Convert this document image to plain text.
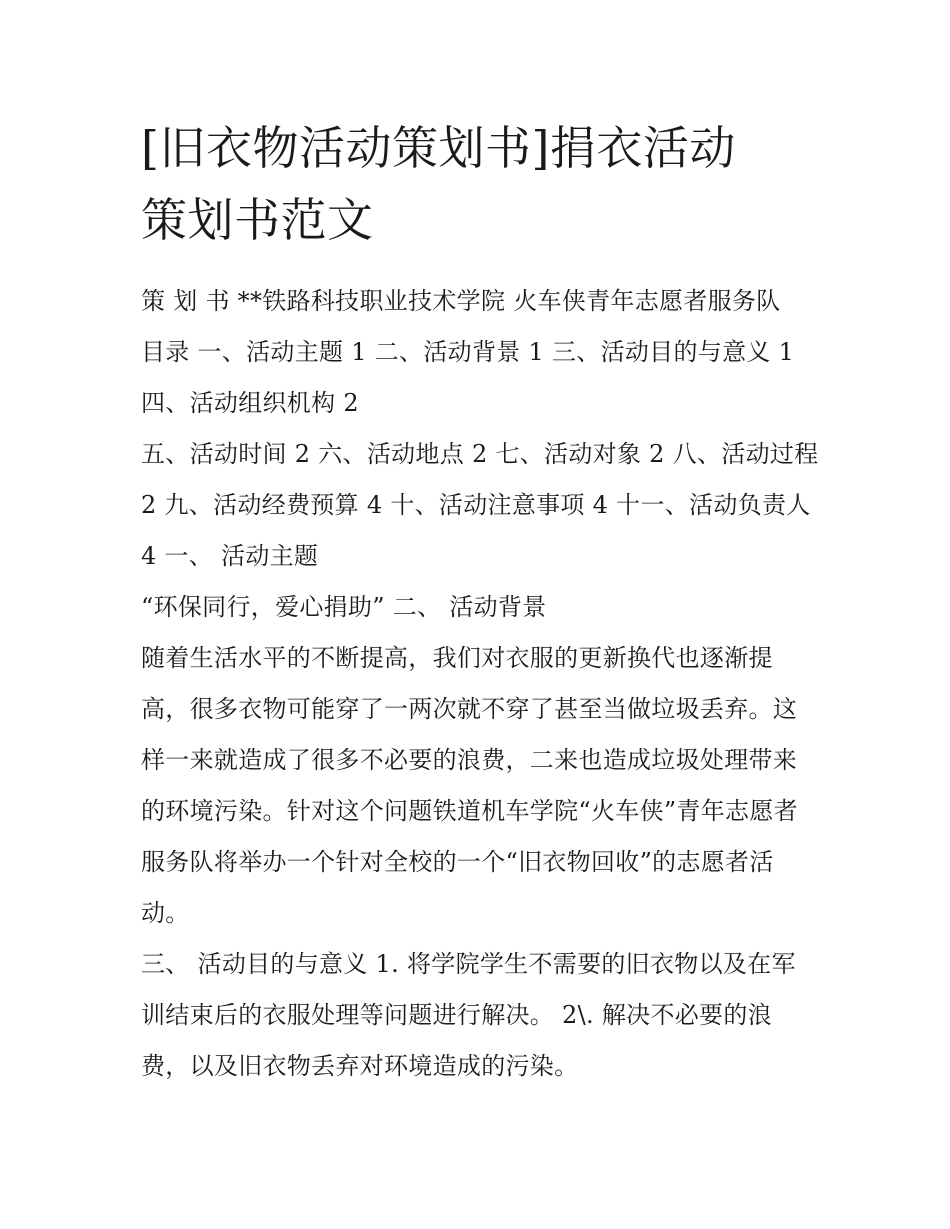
[旧衣物活动策划书]捐衣活动
策划书范文
策 划 书 **铁路科技职业技术学院 火车侠青年志愿者服务队
目录 一、活动主题 1 二、活动背景 1 三、活动目的与意义 1
四、活动组织机构 2
五、活动时间 2 六、活动地点 2 七、活动对象 2 八、活动过程
2 九、活动经费预算 4 十、活动注意事项 4 十一、活动负责人
4 一、 活动主题
“环保同行，爱心捐助” 二、 活动背景
随着生活水平的不断提高，我们对衣服的更新换代也逐渐提
高，很多衣物可能穿了一两次就不穿了甚至当做垃圾丢弃。这
样一来就造成了很多不必要的浪费，二来也造成垃圾处理带来
的环境污染。针对这个问题铁道机车学院“火车侠”青年志愿者
服务队将举办一个针对全校的一个“旧衣物回收”的志愿者活
动。
三、 活动目的与意义 1. 将学院学生不需要的旧衣物以及在军
训结束后的衣服处理等问题进行解决。 2\. 解决不必要的浪
费，以及旧衣物丢弃对环境造成的污染。
